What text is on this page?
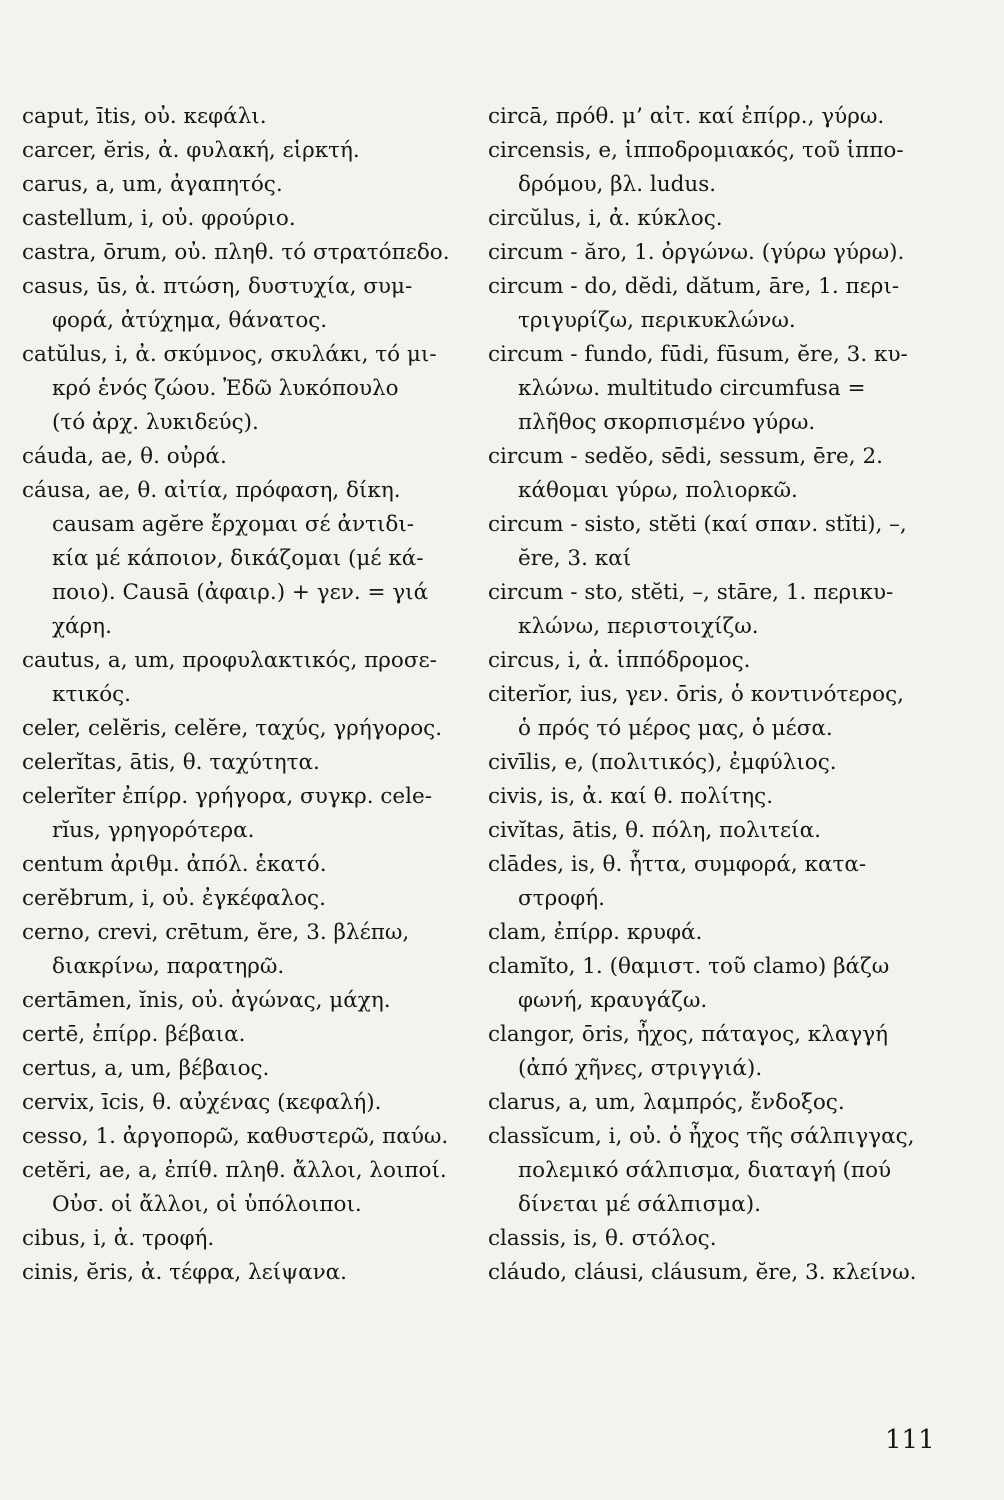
caput, ītis, οὐ. κεφάλι.

carcer, ĕris, ἀ. φυλακή, εἱρκτή.

carus, a, um, ἀγαπητός.

castellum, i, οὐ. φρούριο.

castra, ōrum, οὐ. πληθ. τό στρατόπεδο.

casus, ūs, ἀ. πτώση, δυστυχία, συμ-
φορά, ἀτύχημα, θάνατος.

catŭlus, i, ἀ. σκύμνος, σκυλάκι, τό μι-
κρό ἑνός ζώου. Ἐδῶ λυκόπουλο
(τό ἀρχ. λυκιδεύς).

cáuda, ae, θ. οὐρά.

cáusa, ae, θ. αἰτία, πρόφαση, δίκη.
causam agĕre ἔρχομαι σέ ἀντιδι-
κία μέ κάποιον, δικάζομαι (μέ κά-
ποιο). Causā (ἀφαιρ.) + γεν. = γιά
χάρη.

cautus, a, um, προφυλακτικός, προσε-
κτικός.

celer, celĕris, celĕre, ταχύς, γρήγορος.

celerĭtas, ātis, θ. ταχύτητα.

celerĭter ἐπίρρ. γρήγορα, συγκρ. cele-
rĭus, γρηγορότερα.

centum ἀριθμ. ἀπόλ. ἑκατό.

cerĕbrum, i, οὐ. ἐγκέφαλος.

cerno, crevi, crētum, ĕre, 3. βλέπω,
διακρίνω, παρατηρῶ.

certāmen, ĭnis, οὐ. ἀγώνας, μάχη.

certē, ἐπίρρ. βέβαια.

certus, a, um, βέβαιος.

cervix, īcis, θ. αὐχένας (κεφαλή).

cesso, 1. ἀργοπορῶ, καθυστερῶ, παύω.

cetĕri, ae, a, ἐπίθ. πληθ. ἄλλοι, λοιποί.
Οὐσ. οἱ ἄλλοι, οἱ ὑπόλοιποι.

cibus, i, ἀ. τροφή.

cinis, ĕris, ἀ. τέφρα, λείψανα.

circā, πρόθ. μ’ αἰτ. καί ἐπίρρ., γύρω.

circensis, e, ἱπποδρομιακός, τοῦ ἱππο-
δρόμου, βλ. ludus.

circŭlus, i, ἀ. κύκλος.

circum - ăro, 1. ὀργώνω. (γύρω γύρω).

circum - do, dĕdi, dătum, āre, 1. περι-
τριγυρίζω, περικυκλώνω.

circum - fundo, fūdi, fūsum, ĕre, 3. κυ-
κλώνω. multitudo circumfusa =
πλῆθος σκορπισμένο γύρω.

circum - sedĕo, sēdi, sessum, ēre, 2.
κάθομαι γύρω, πολιορκῶ.

circum - sisto, stĕti (καί σπαν. stĭti), –,
ĕre, 3. καί

circum - sto, stĕti, –, stāre, 1. περικυ-
κλώνω, περιστοιχίζω.

circus, i, ἀ. ἱππόδρομος.

citerĭor, ius, γεν. ōris, ὁ κοντινότερος,
ὁ πρός τό μέρος μας, ὁ μέσα.

civīlis, e, (πολιτικός), ἐμφύλιος.

civis, is, ἀ. καί θ. πολίτης.

civĭtas, ātis, θ. πόλη, πολιτεία.

clādes, is, θ. ἧττα, συμφορά, κατα-
στροφή.

clam, ἐπίρρ. κρυφά.

clamĭto, 1. (θαμιστ. τοῦ clamo) βάζω
φωνή, κραυγάζω.

clangor, ōris, ἦχος, πάταγος, κλαγγή
(ἀπό χῆνες, στριγγιά).

clarus, a, um, λαμπρός, ἔνδοξος.

classĭcum, i, οὐ. ὁ ἦχος τῆς σάλπιγγας,
πολεμικό σάλπισμα, διαταγή (πού
δίνεται μέ σάλπισμα).

classis, is, θ. στόλος.

cláudo, cláusi, cláusum, ĕre, 3. κλείνω.

111
